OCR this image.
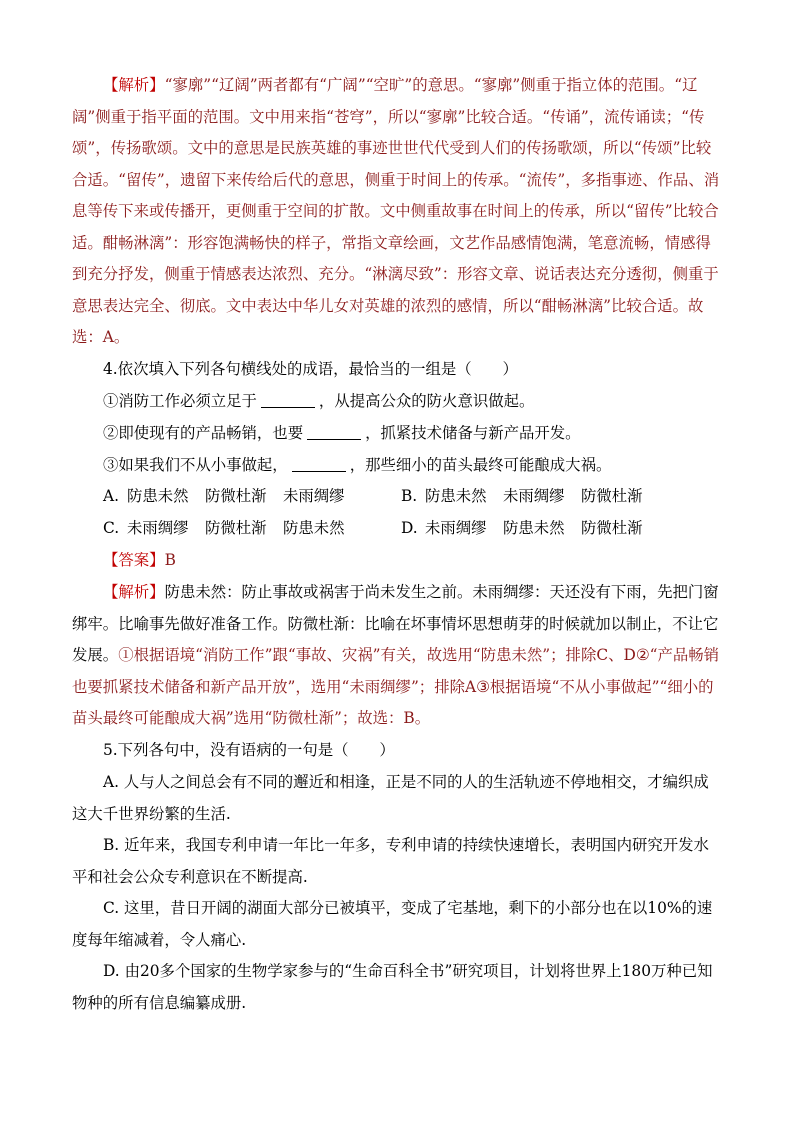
【解析】“寥廓”“辽阔”两者都有“广阔”“空旷”的意思。“寥廓”侧重于指立体的范围。“辽阔”侧重于指平面的范围。文中用来指“苍穹”，所以“寥廓”比较合适。“传诵”，流传诵读；“传颂”，传扬歌颂。文中的意思是民族英雄的事迹世世代代受到人们的传扬歌颂，所以“传颂”比较合适。“留传”，遗留下来传给后代的意思，侧重于时间上的传承。“流传”，多指事迹、作品、消息等传下来或传播开，更侧重于空间的扩散。文中侧重故事在时间上的传承，所以“留传”比较合适。酣畅淋漓”：形容饱满畅快的样子，常指文章绘画，文艺作品感情饱满，笔意流畅，情感得到充分抒发，侧重于情感表达浓烈、充分。“淋漓尽致”：形容文章、说话表达充分透彻，侧重于意思表达完全、彻底。文中表达中华儿女对英雄的浓烈的感情，所以“酣畅淋漓”比较合适。故选：A。
4.依次填入下列各句横线处的成语，最恰当的一组是（　　）
①消防工作必须立足于	，从提高公众的防火意识做起。
②即使现有的产品畅销，也要	，抓紧技术储备与新产品开发。
③如果我们不从小事做起，	，那些细小的苗头最终可能酿成大祸。
A. 防患未然 防微杜渐 未雨绸缪	B. 防患未然 未雨绸缪 防微杜渐
C. 未雨绸缪 防微杜渐 防患未然	D. 未雨绸缪 防患未然 防微杜渐
【答案】B
【解析】防患未然：防止事故或祸害于尚未发生之前。未雨绸缪：天还没有下雨，先把门窗绑牢。比喻事先做好准备工作。防微杜渐：比喻在坏事情坏思想萌芽的时候就加以制止，不让它发展。①根据语境“消防工作”跟“事故、灾祸”有关，故选用“防患未然”；排除C、D②“产品畅销也要抓紧技术储备和新产品开放”，选用“未雨绸缪”；排除A③根据语境“不从小事做起”“细小的苗头最终可能酿成大祸”选用“防微杜渐”；故选：B。
5.下列各句中，没有语病的一句是（　　）
A. 人与人之间总会有不同的邂近和相逢，正是不同的人的生活轨迹不停地相交，才编织成这大千世界纷繁的生活.
B. 近年来，我国专利申请一年比一年多，专利申请的持续快速增长，表明国内研究开发水平和社会公众专利意识在不断提高.
C. 这里，昔日开阔的湖面大部分已被填平，变成了宅基地，剩下的小部分也在以10%的速度每年缩减着，令人痛心.
D. 由20多个国家的生物学家参与的“生命百科全书”研究项目，计划将世界上180万种已知物种的所有信息编纂成册.
